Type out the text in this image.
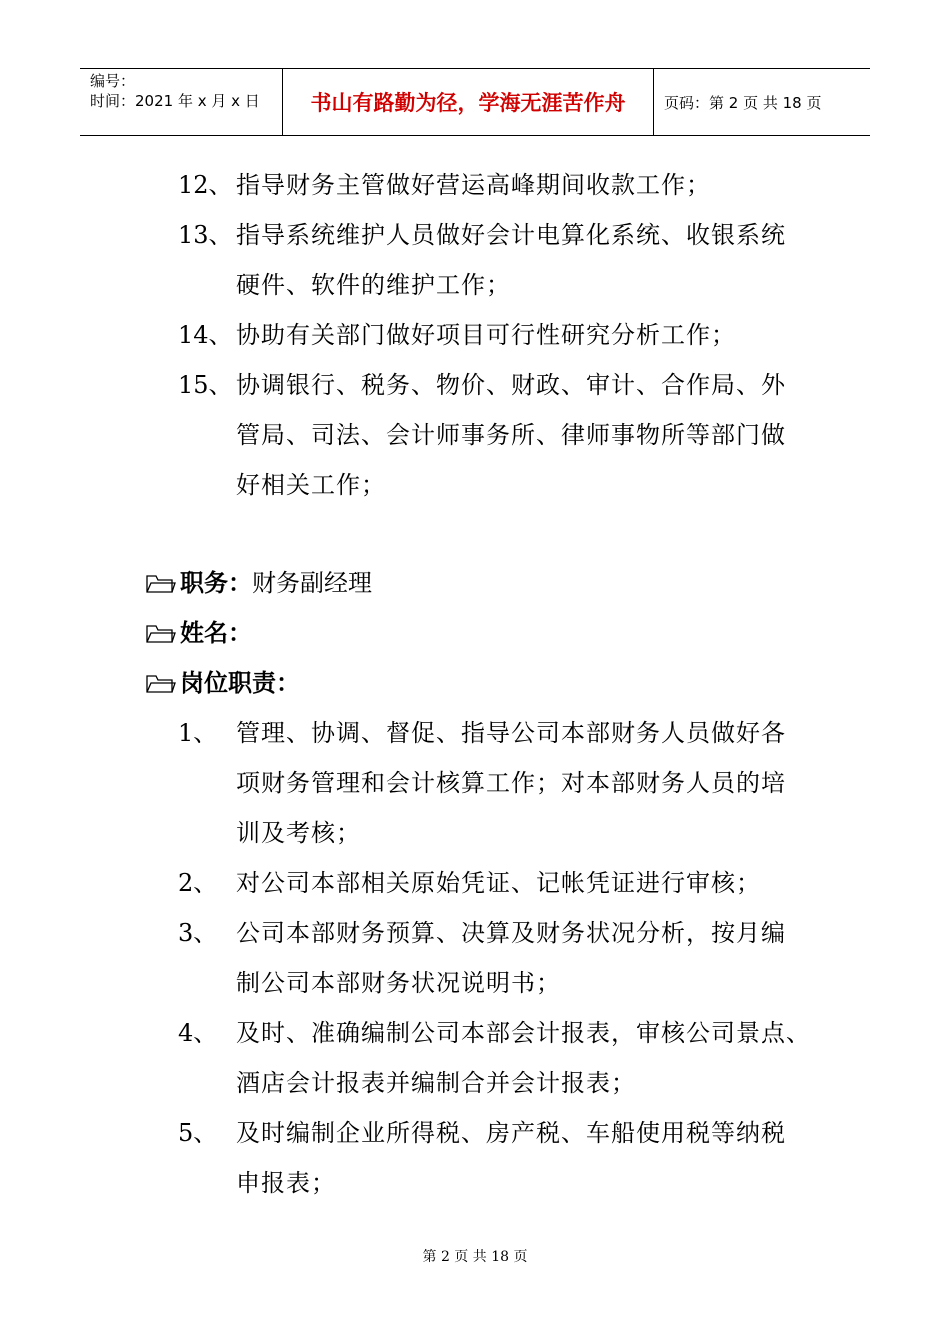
编号：
时间：2021 年 x 月 x 日 书山有路勤为径，学海无涯苦作舟	页码：第 2 页 共 18 页
12、 指导财务主管做好营运高峰期间收款工作；
13、 指导系统维护人员做好会计电算化系统、收银系统
硬件、软件的维护工作；
14、 协助有关部门做好项目可行性研究分析工作；
15、 协调银行、税务、物价、财政、审计、合作局、外
管局、司法、会计师事务所、律师事物所等部门做
好相关工作；
职务：财务副经理
姓名：
岗位职责：
1、 管理、协调、督促、指导公司本部财务人员做好各
项财务管理和会计核算工作；对本部财务人员的培
训及考核；
2、 对公司本部相关原始凭证、记帐凭证进行审核；
3、 公司本部财务预算、决算及财务状况分析，按月编
制公司本部财务状况说明书；
4、 及时、准确编制公司本部会计报表，审核公司景点、
酒店会计报表并编制合并会计报表；
5、 及时编制企业所得税、房产税、车船使用税等纳税
申报表；
第 2 页 共 18 页
